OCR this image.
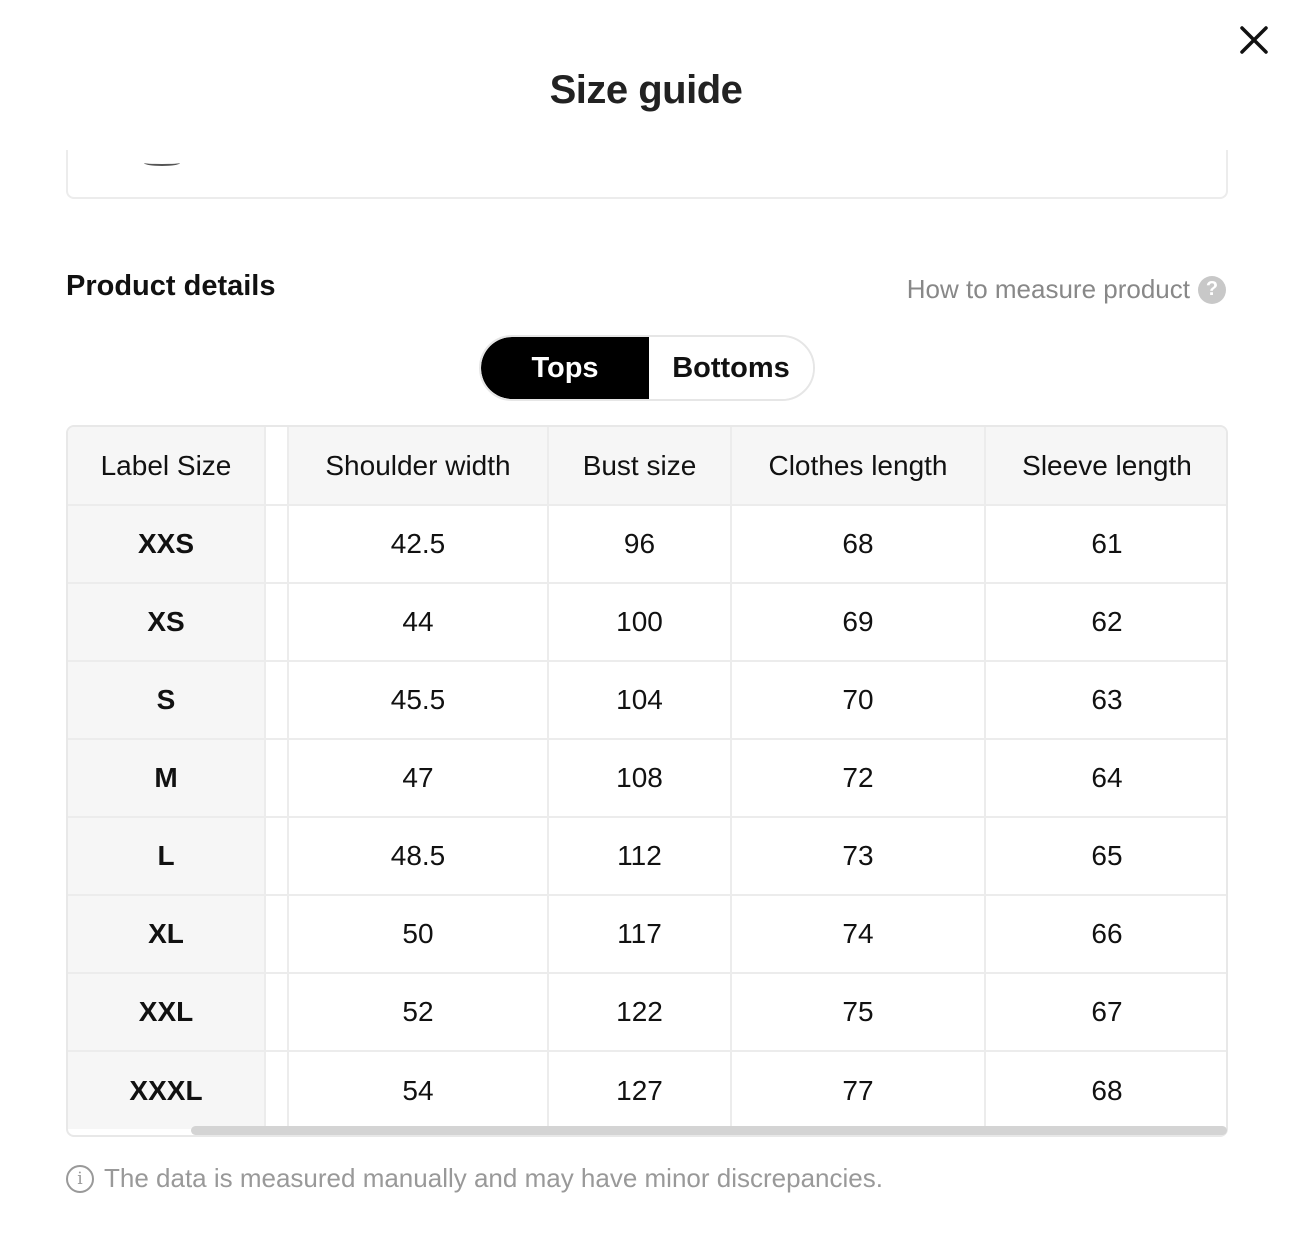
Size guide
Product details	How to measure product ?
Tops	Bottoms
Label Size		Shoulder width	Bust size	Clothes length	Sleeve length
XXS		42.5	96	68	61
XS		44	100	69	62
S		45.5	104	70	63
M		47	108	72	64
L		48.5	112	73	65
XL		50	117	74	66
XXL		52	122	75	67
XXXL		54	127	77	68
i The data is measured manually and may have minor discrepancies.
